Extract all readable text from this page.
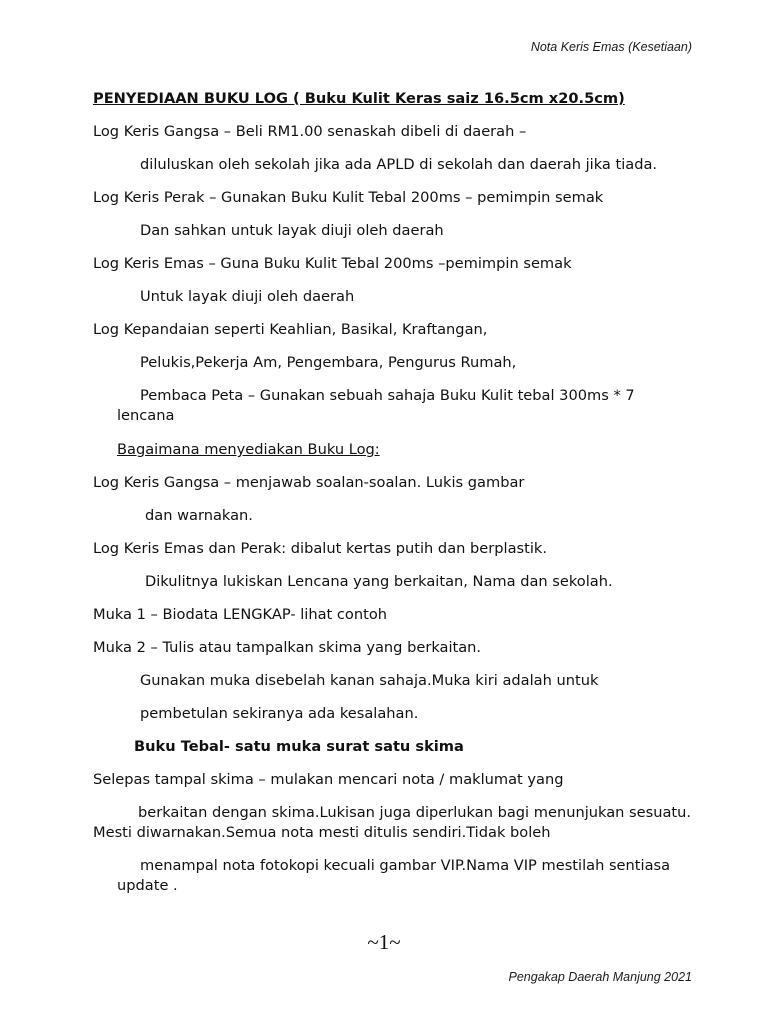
Nota Keris Emas (Kesetiaan)
PENYEDIAAN BUKU LOG ( Buku Kulit Keras saiz 16.5cm x20.5cm)
Log Keris Gangsa – Beli RM1.00 senaskah dibeli di daerah –
diluluskan oleh sekolah jika ada APLD di sekolah dan daerah jika tiada.
Log Keris Perak – Gunakan Buku Kulit Tebal 200ms – pemimpin semak
Dan sahkan untuk layak diuji oleh daerah
Log Keris Emas – Guna Buku Kulit Tebal 200ms –pemimpin semak
Untuk layak diuji oleh daerah
Log Kepandaian seperti Keahlian, Basikal, Kraftangan,
Pelukis,Pekerja Am, Pengembara, Pengurus Rumah,
Pembaca Peta – Gunakan sebuah sahaja Buku Kulit tebal 300ms * 7
lencana
Bagaimana menyediakan Buku Log:
Log Keris Gangsa – menjawab soalan-soalan. Lukis gambar
dan warnakan.
Log Keris Emas dan Perak: dibalut kertas putih dan berplastik.
Dikulitnya lukiskan Lencana yang berkaitan, Nama dan sekolah.
Muka 1 – Biodata LENGKAP- lihat contoh
Muka 2 – Tulis atau tampalkan skima yang berkaitan.
Gunakan muka disebelah kanan sahaja.Muka kiri adalah untuk
pembetulan sekiranya ada kesalahan.
Buku Tebal- satu muka surat satu skima
Selepas tampal skima – mulakan mencari nota / maklumat yang
berkaitan dengan skima.Lukisan juga diperlukan bagi menunjukan sesuatu.
Mesti diwarnakan.Semua nota mesti ditulis sendiri.Tidak boleh
menampal nota fotokopi kecuali gambar VIP.Nama VIP mestilah sentiasa
update .
~1~
Pengakap Daerah Manjung 2021
